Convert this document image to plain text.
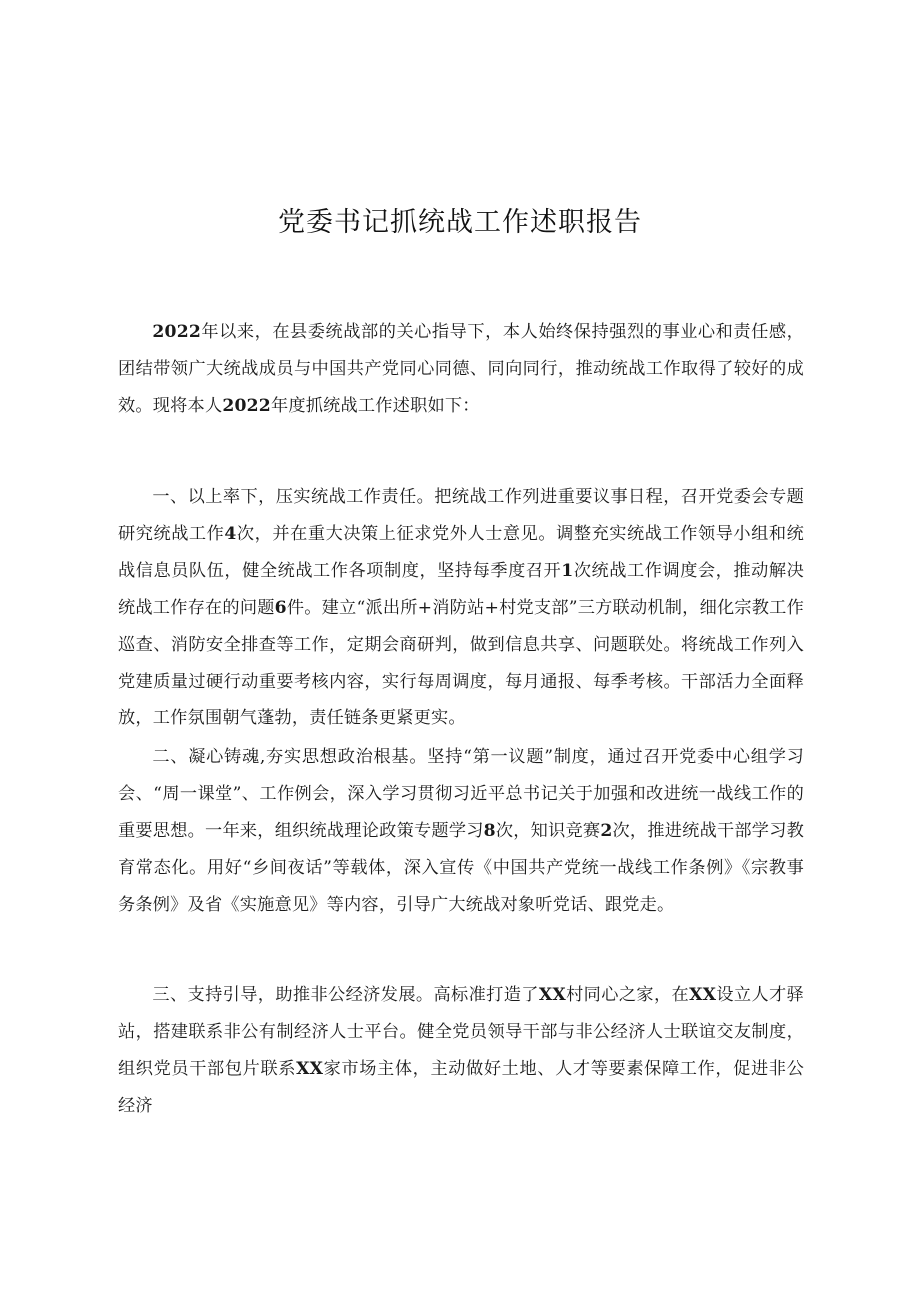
党委书记抓统战工作述职报告

2022年以来，在县委统战部的关心指导下，本人始终保持强烈的事业心和责任感，团结带领广大统战成员与中国共产党同心同德、同向同行，推动统战工作取得了较好的成效。现将本人2022年度抓统战工作述职如下：

一、以上率下，压实统战工作责任。把统战工作列进重要议事日程，召开党委会专题研究统战工作4次，并在重大决策上征求党外人士意见。调整充实统战工作领导小组和统战信息员队伍，健全统战工作各项制度，坚持每季度召开1次统战工作调度会，推动解决统战工作存在的问题6件。建立“派出所+消防站+村党支部”三方联动机制，细化宗教工作巡查、消防安全排查等工作，定期会商研判，做到信息共享、问题联处。将统战工作列入党建质量过硬行动重要考核内容，实行每周调度，每月通报、每季考核。干部活力全面释放，工作氛围朝气蓬勃，责任链条更紧更实。

二、凝心铸魂,夯实思想政治根基。坚持“第一议题”制度，通过召开党委中心组学习会、“周一课堂”、工作例会，深入学习贯彻习近平总书记关于加强和改进统一战线工作的重要思想。一年来，组织统战理论政策专题学习8次，知识竞赛2次，推进统战干部学习教育常态化。用好“乡间夜话”等载体，深入宣传《中国共产党统一战线工作条例》《宗教事务条例》及省《实施意见》等内容，引导广大统战对象听党话、跟党走。

三、支持引导，助推非公经济发展。高标准打造了XX村同心之家，在XX设立人才驿站，搭建联系非公有制经济人士平台。健全党员领导干部与非公经济人士联谊交友制度，组织党员干部包片联系XX家市场主体，主动做好土地、人才等要素保障工作，促进非公经济
